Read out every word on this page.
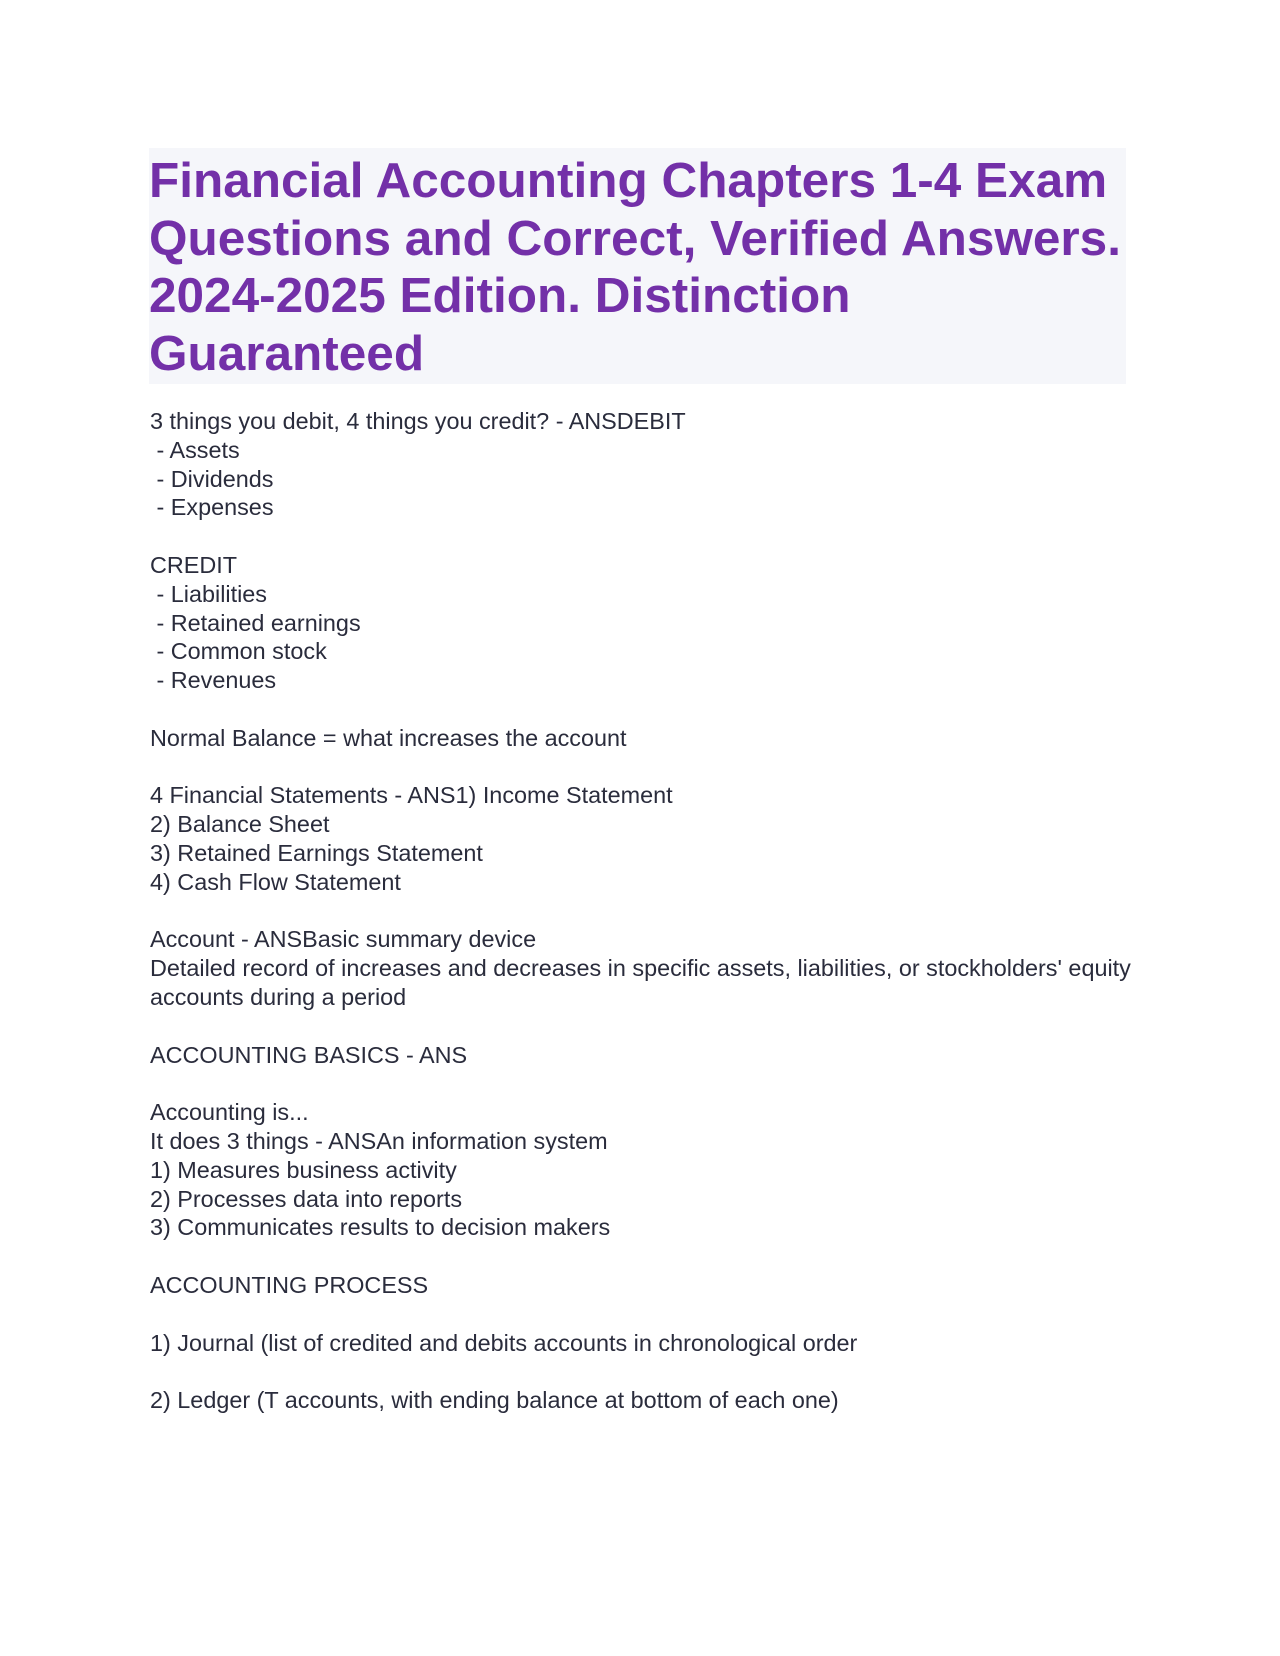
Financial Accounting Chapters 1-4 Exam Questions and Correct, Verified Answers. 2024-2025 Edition. Distinction Guaranteed
3 things you debit, 4 things you credit? - ANSDEBIT
- Assets
- Dividends
- Expenses
CREDIT
- Liabilities
- Retained earnings
- Common stock
- Revenues
Normal Balance = what increases the account
4 Financial Statements - ANS1) Income Statement
2) Balance Sheet
3) Retained Earnings Statement
4) Cash Flow Statement
Account - ANSBasic summary device
Detailed record of increases and decreases in specific assets, liabilities, or stockholders' equity accounts during a period
ACCOUNTING BASICS - ANS
Accounting is...
It does 3 things - ANSAn information system
1) Measures business activity
2) Processes data into reports
3) Communicates results to decision makers
ACCOUNTING PROCESS
1) Journal (list of credited and debits accounts in chronological order
2) Ledger (T accounts, with ending balance at bottom of each one)
